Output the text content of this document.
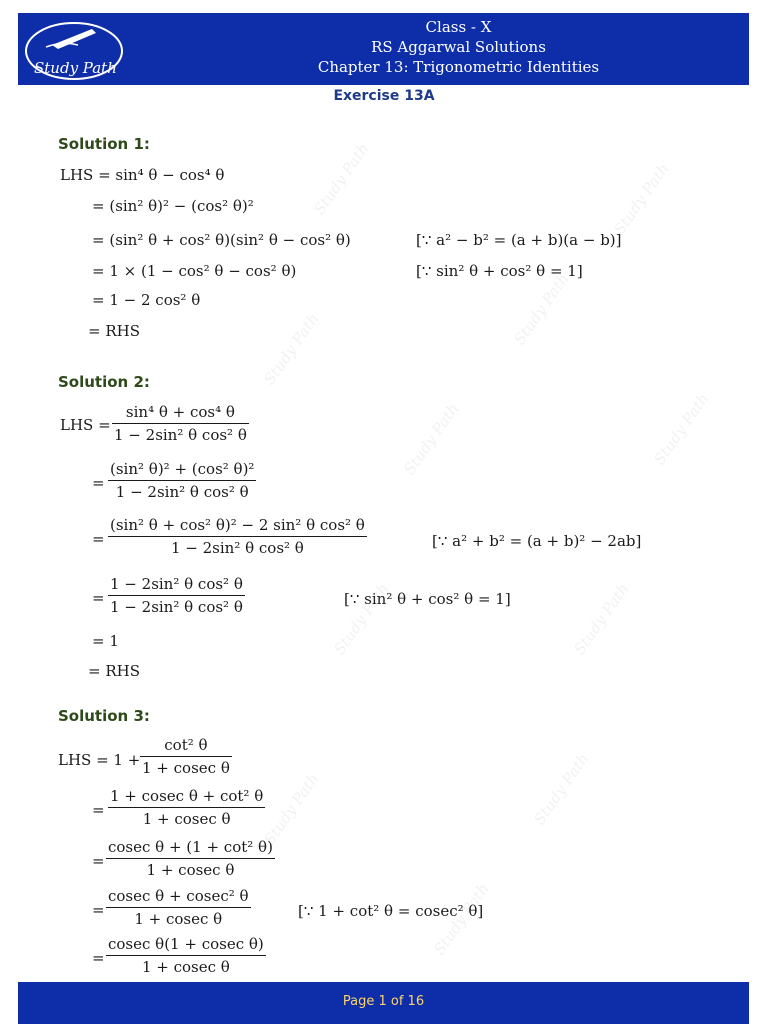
Study Path
Class - X
RS Aggarwal Solutions
Chapter 13: Trigonometric Identities
Exercise 13A
Solution 1:
LHS = sin⁴ θ − cos⁴ θ
= (sin² θ)² − (cos² θ)²
= (sin² θ + cos² θ)(sin² θ − cos² θ)	[∵ a² − b² = (a + b)(a − b)]
= 1 × (1 − cos² θ − cos² θ)	[∵ sin² θ + cos² θ = 1]
= 1 − 2 cos² θ
= RHS
Solution 2:
LHS = $\frac{\text{sin⁴ θ + cos⁴ θ}}{\text{1 − 2sin² θ cos² θ}}$
= $\frac{\text{(sin² θ)² + (cos² θ)²}}{\text{1 − 2sin² θ cos² θ}}$
= $\frac{\text{(sin² θ + cos² θ)² − 2 sin² θ cos² θ}}{\text{1 − 2sin² θ cos² θ}}$	[∵ a² + b² = (a + b)² − 2ab]
= $\frac{\text{1 − 2sin² θ cos² θ}}{\text{1 − 2sin² θ cos² θ}}$	[∵ sin² θ + cos² θ = 1]
= 1
= RHS
Solution 3:
LHS = $1 + \frac{\text{cot² θ}}{\text{1 + cosec θ}}$
= $\frac{\text{1 + cosec θ + cot² θ}}{\text{1 + cosec θ}}$
= $\frac{\text{cosec θ + (1 + cot² θ)}}{\text{1 + cosec θ}}$
= $\frac{\text{cosec θ + cosec² θ}}{\text{1 + cosec θ}}$	[∵ 1 + cot² θ = cosec² θ]
= $\frac{\text{cosec θ(1 + cosec θ)}}{\text{1 + cosec θ}}$
Study Path	Study Path
Study Path
Study Path
Study Path	Study Path
Study Path	Study Path
Study Path	Study Path
Study Path
Page 1 of 16
